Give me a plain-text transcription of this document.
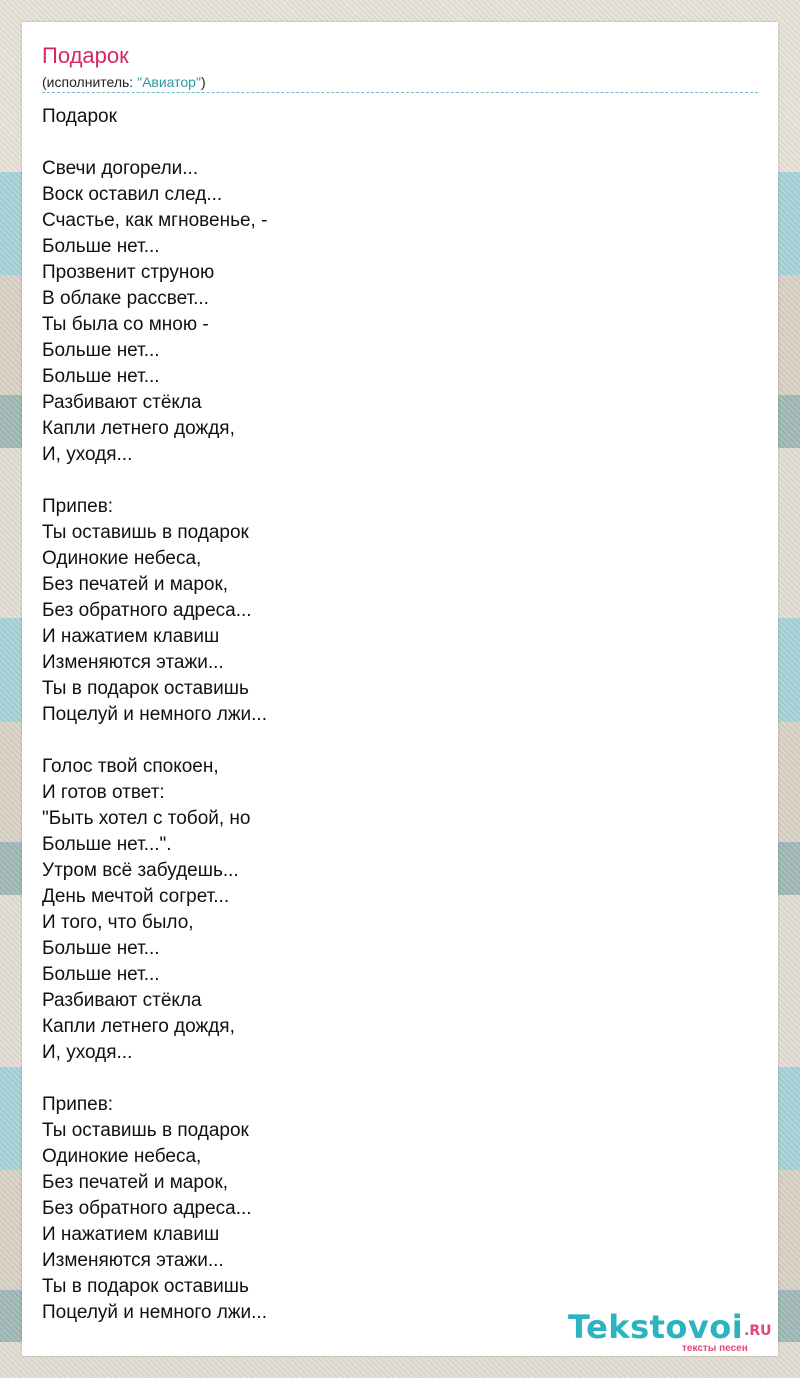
Подарок
(исполнитель: "Авиатор")
Подарок
Свечи догорели...
Воск оставил след...
Счастье, как мгновенье, -
Больше нет...
Прозвенит струною
В облаке рассвет...
Ты была со мною -
Больше нет...
Больше нет...
Разбивают стёкла
Капли летнего дождя,
И, уходя...
Припев:
Ты оставишь в подарок
Одинокие небеса,
Без печатей и марок,
Без обратного адреса...
И нажатием клавиш
Изменяются этажи...
Ты в подарок оставишь
Поцелуй и немного лжи...
Голос твой спокоен,
И готов ответ:
"Быть хотел с тобой, но
Больше нет...".
Утром всё забудешь...
День мечтой согрет...
И того, что было,
Больше нет...
Больше нет...
Разбивают стёкла
Капли летнего дождя,
И, уходя...
Припев:
Ты оставишь в подарок
Одинокие небеса,
Без печатей и марок,
Без обратного адреса...
И нажатием клавиш
Изменяются этажи...
Ты в подарок оставишь
Поцелуй и немного лжи...	Tekstovoi .RU
тексты песен
